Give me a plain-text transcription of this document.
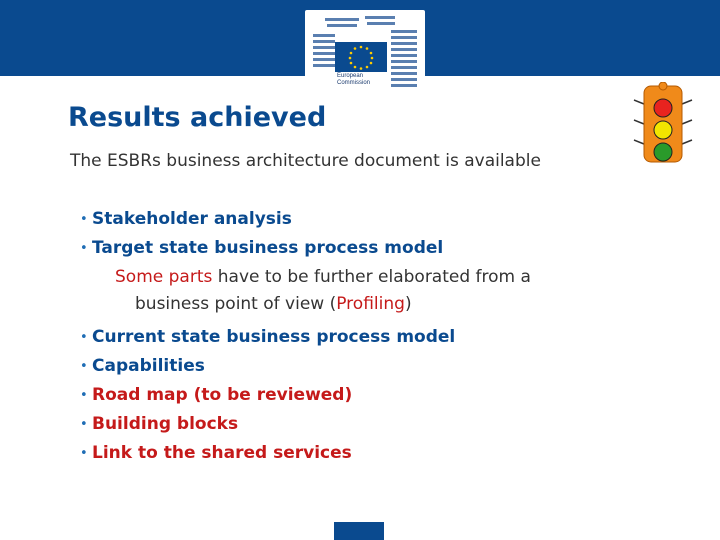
European
Commission
Results achieved

The ESBRs business architecture document is available

• Stakeholder analysis
• Target state business process model
• Current state business process model
• Capabilities
• Road map (to be reviewed)
• Building blocks
• Link to the shared services
Some parts have to be further elaborated from a
business point of view (Profiling)
